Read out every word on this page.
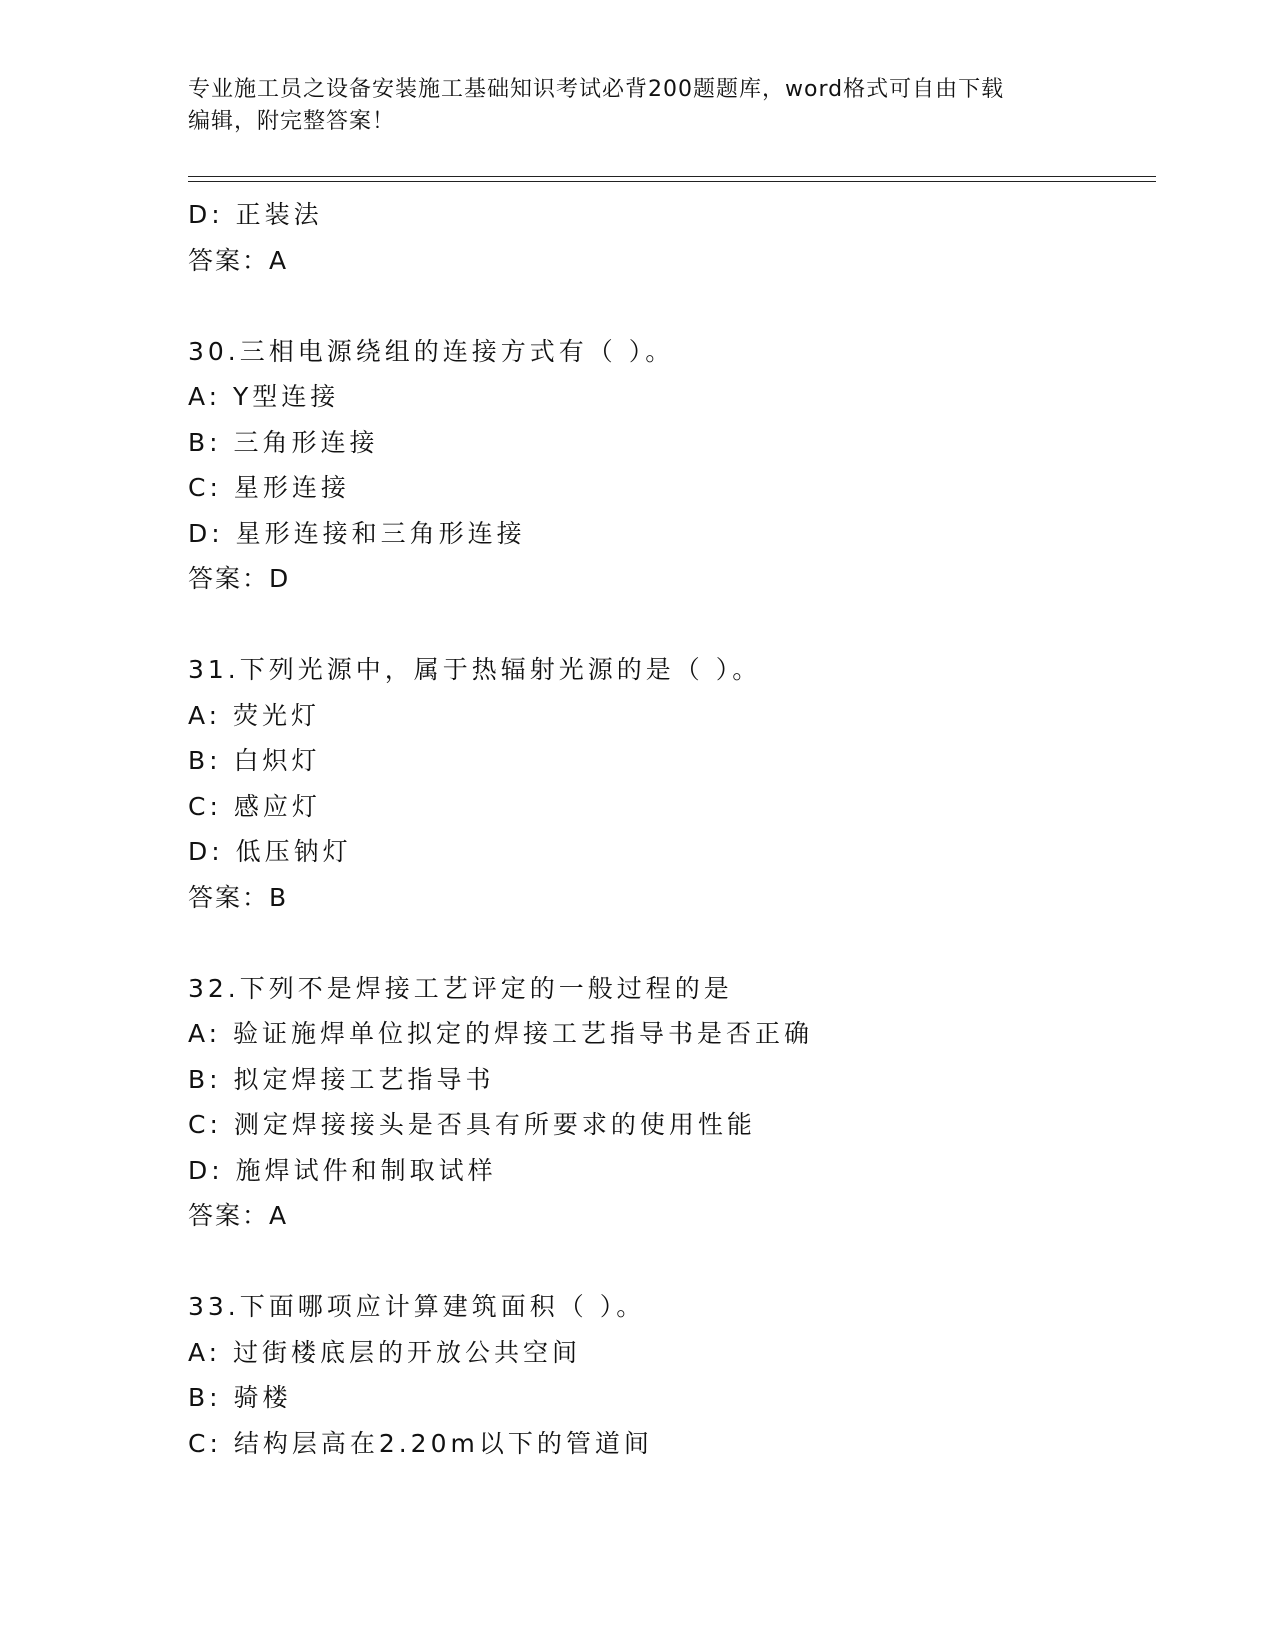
专业施工员之设备安装施工基础知识考试必背200题题库，word格式可自由下载
编辑，附完整答案！
D: 正装法
答案：A
30.三相电源绕组的连接方式有（ ）。
A: Y型连接
B: 三角形连接
C: 星形连接
D: 星形连接和三角形连接
答案：D
31.下列光源中，属于热辐射光源的是（ ）。
A: 荧光灯
B: 白炽灯
C: 感应灯
D: 低压钠灯
答案：B
32.下列不是焊接工艺评定的一般过程的是
A: 验证施焊单位拟定的焊接工艺指导书是否正确
B: 拟定焊接工艺指导书
C: 测定焊接接头是否具有所要求的使用性能
D: 施焊试件和制取试样
答案：A
33.下面哪项应计算建筑面积（ ）。
A: 过街楼底层的开放公共空间
B: 骑楼
C: 结构层高在2.20m以下的管道间
